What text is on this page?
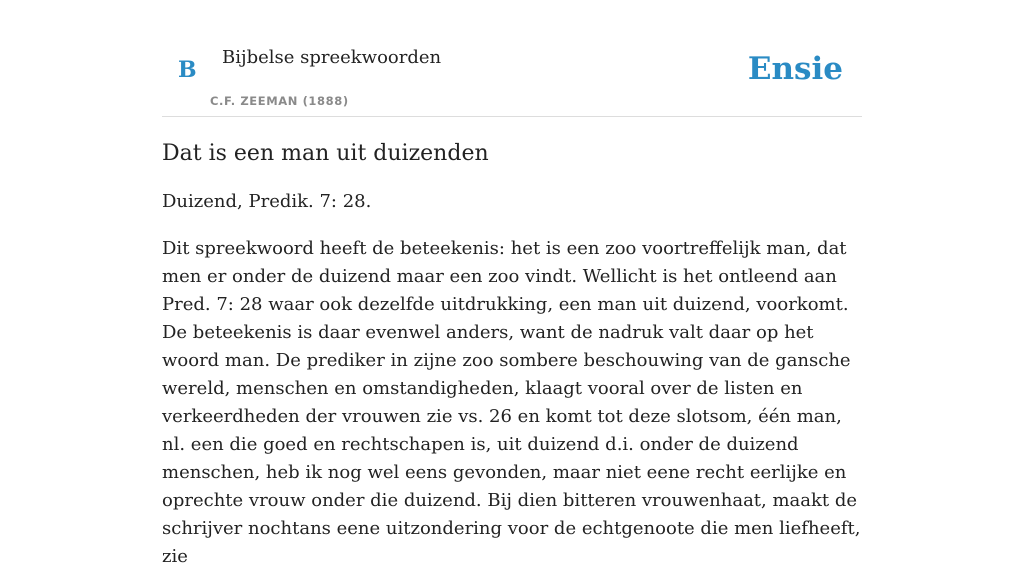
B Bijbelse spreekwoorden
C.F. ZEEMAN (1888)
Ensie
Dat is een man uit duizenden

Duizend, Predik. 7: 28.

Dit spreekwoord heeft de beteekenis: het is een zoo voortreffelijk man, dat men er onder de duizend maar een zoo vindt. Wellicht is het ontleend aan Pred. 7: 28 waar ook dezelfde uitdrukking, een man uit duizend, voorkomt. De beteekenis is daar evenwel anders, want de nadruk valt daar op het woord man. De prediker in zijne zoo sombere beschouwing van de gansche wereld, menschen en omstandigheden, klaagt vooral over de listen en verkeerdheden der vrouwen zie vs. 26 en komt tot deze slotsom, één man, nl. een die goed en rechtschapen is, uit duizend d.i. onder de duizend menschen, heb ik nog wel eens gevonden, maar niet eene recht eerlijke en oprechte vrouw onder die duizend. Bij dien bitteren vrouwenhaat, maakt de schrijver nochtans eene uitzondering voor de echtgenoote die men liefheeft, zie
